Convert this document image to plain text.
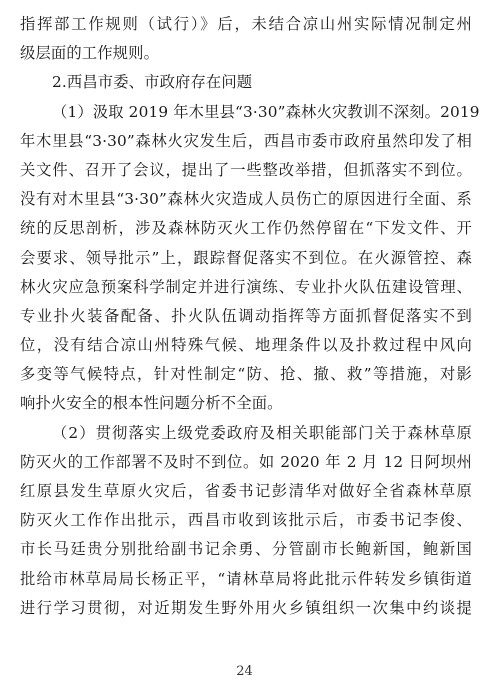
指挥部工作规则（试行）》后，未结合凉山州实际情况制定州
级层面的工作规则。
2.西昌市委、市政府存在问题
（1）汲取 2019 年木里县“3·30”森林火灾教训不深刻。2019
年木里县“3·30”森林火灾发生后，西昌市委市政府虽然印发了相
关文件、召开了会议，提出了一些整改举措，但抓落实不到位。
没有对木里县“3·30”森林火灾造成人员伤亡的原因进行全面、系
统的反思剖析，涉及森林防灭火工作仍然停留在“下发文件、开
会要求、领导批示”上，跟踪督促落实不到位。在火源管控、森
林火灾应急预案科学制定并进行演练、专业扑火队伍建设管理、
专业扑火装备配备、扑火队伍调动指挥等方面抓督促落实不到
位，没有结合凉山州特殊气候、地理条件以及扑救过程中风向
多变等气候特点，针对性制定“防、抢、撤、救”等措施，对影
响扑火安全的根本性问题分析不全面。
（2）贯彻落实上级党委政府及相关职能部门关于森林草原
防灭火的工作部署不及时不到位。如 2020 年 2 月 12 日阿坝州
红原县发生草原火灾后，省委书记彭清华对做好全省森林草原
防灭火工作作出批示，西昌市收到该批示后，市委书记李俊、
市长马廷贵分别批给副书记余勇、分管副市长鲍新国，鲍新国
批给市林草局局长杨正平，“请林草局将此批示件转发乡镇街道
进行学习贯彻，对近期发生野外用火乡镇组织一次集中约谈提
24
